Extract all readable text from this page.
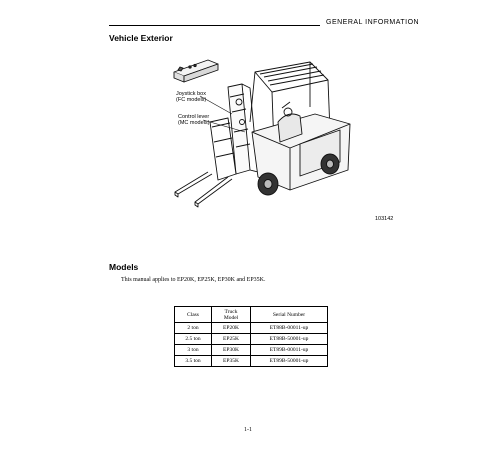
GENERAL INFORMATION
Vehicle Exterior
Joystick box
(FC models)
Control lever
(MC models)
103142
Models
This manual applies to EP20K, EP25K, EP30K and EP35K.
Class	Truck Model	Serial Number
2 ton	EP20K	ET88B-00011-up
2.5 ton	EP25K	ET88B-50001-up
3 ton	EP30K	ET89B-00011-up
3.5 ton	EP35K	ET89B-50001-up
1-1
